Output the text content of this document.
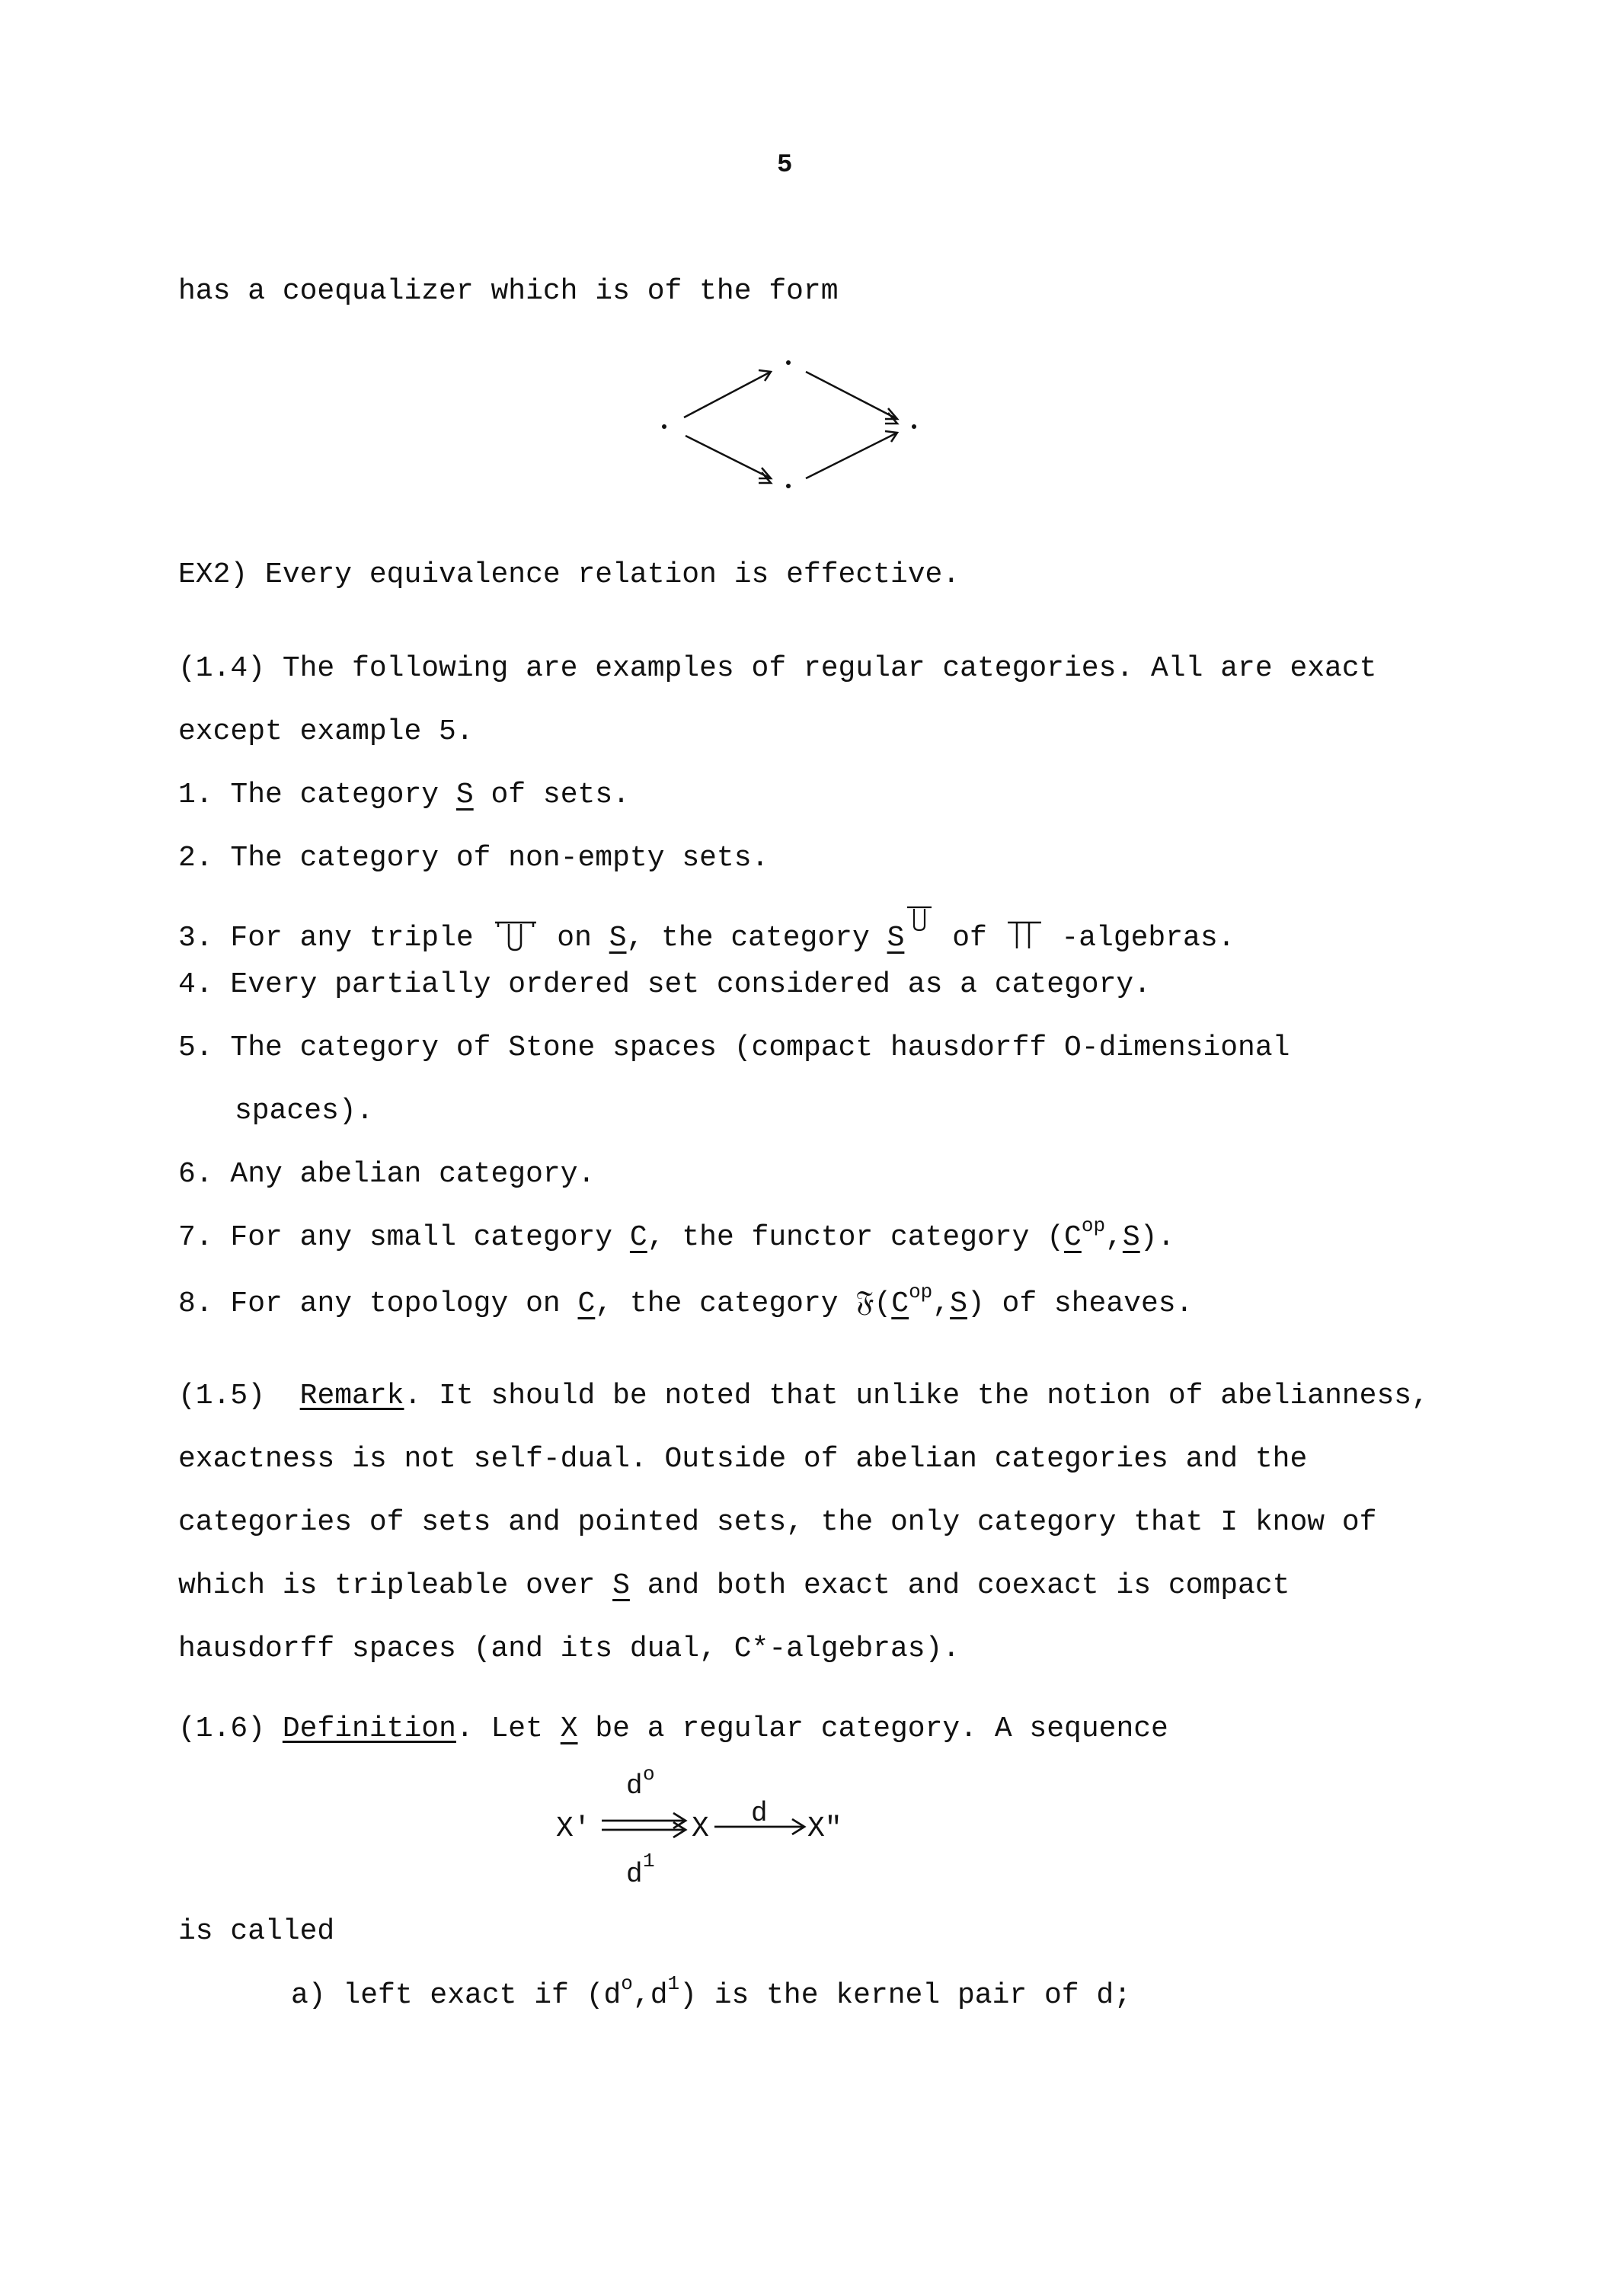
5
has a coequalizer which is of the form
EX2) Every equivalence relation is effective.
(1.4) The following are examples of regular categories. All are exact
except example 5.
1. The category S of sets.
2. The category of non-empty sets.
3. For any triple  on S, the category S of  -algebras.
4. Every partially ordered set considered as a category.
5. The category of Stone spaces (compact hausdorff O-dimensional
spaces).
6. Any abelian category.
7. For any small category C, the functor category $(C^{op},S)$.
8. For any topology on C, the category $𝔉(C^{op},S)$ of sheaves.
(1.5) Remark. It should be noted that unlike the notion of abelianness,
exactness is not self-dual. Outside of abelian categories and the
categories of sets and pointed sets, the only category that I know of
which is tripleable over S and both exact and coexact is compact
hausdorff spaces (and its dual, C*-algebras).
(1.6) Definition. Let X be a regular category. A sequence
X'
d o
X d X"
d 1
is called
a) left exact if $(d^o,d^1)$ is the kernel pair of d;
